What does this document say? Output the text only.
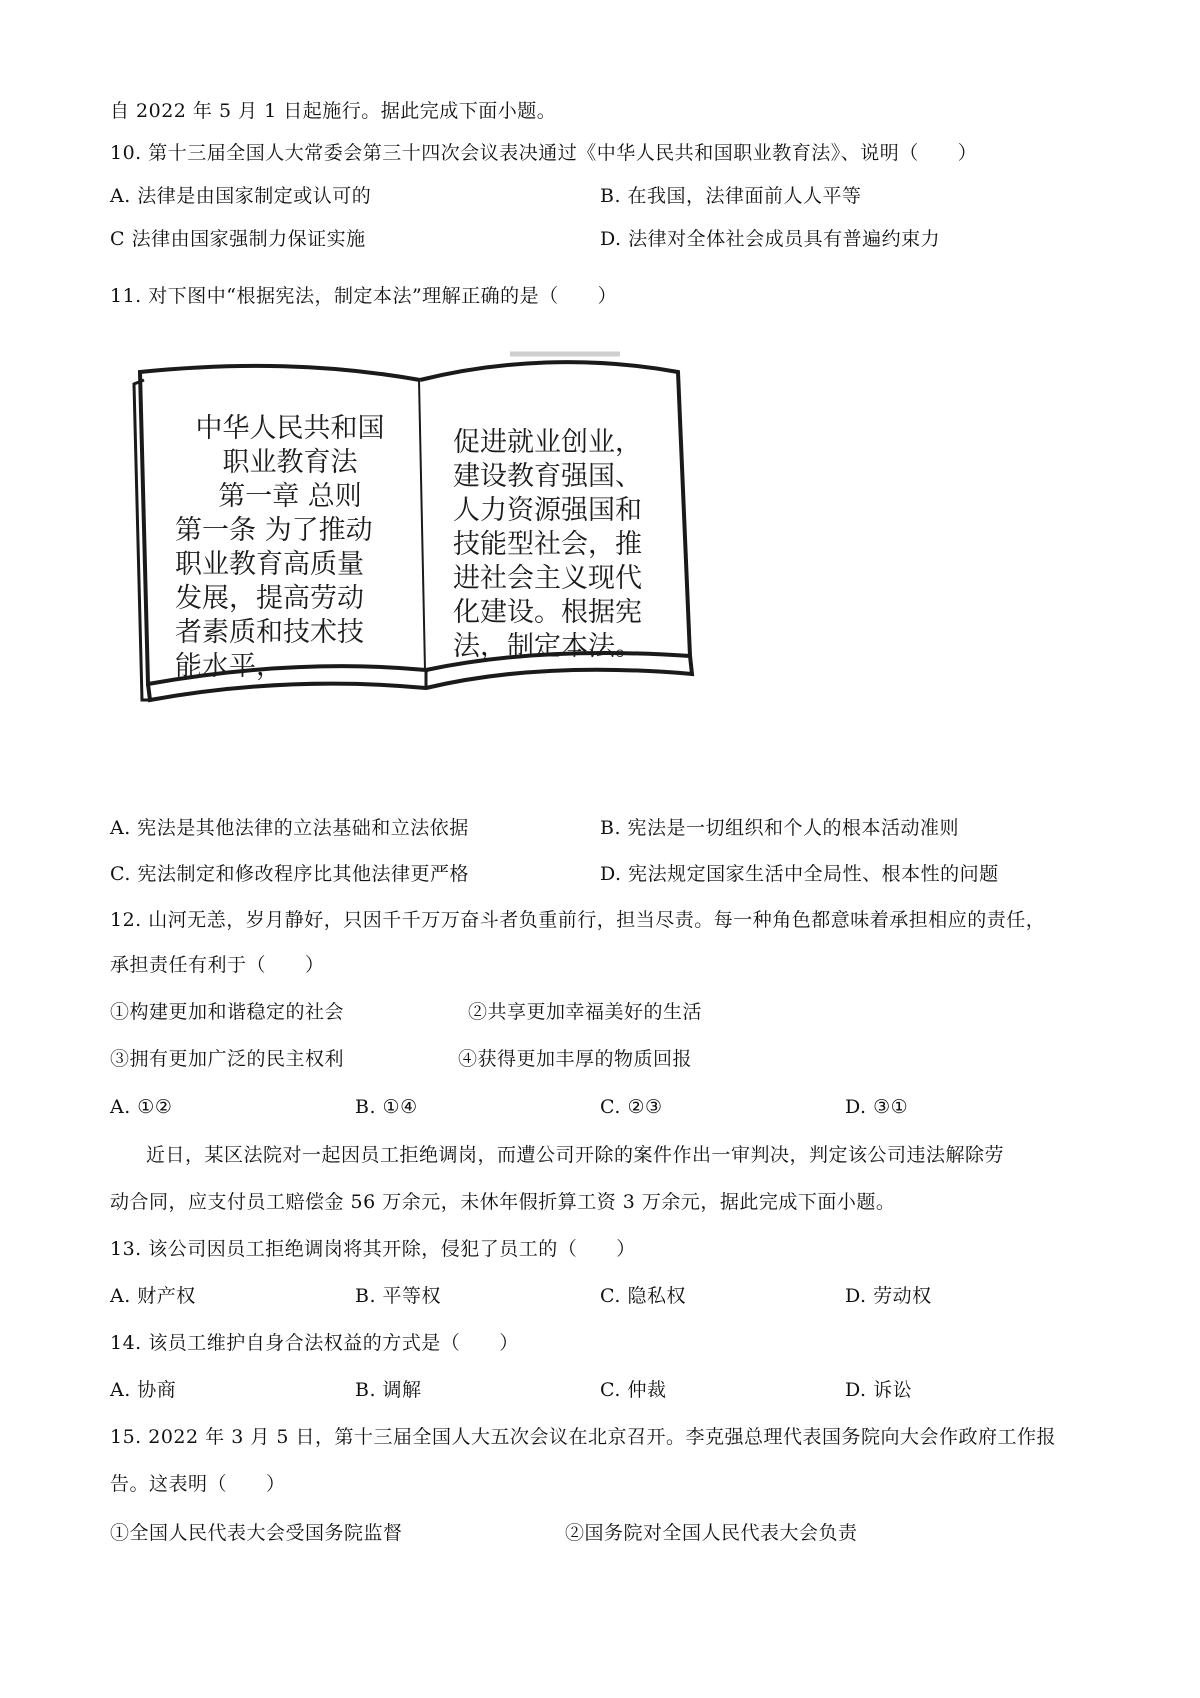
自 2022 年 5 月 1 日起施行。据此完成下面小题。
10. 第十三届全国人大常委会第三十四次会议表决通过《中华人民共和国职业教育法》、说明（　　）
A. 法律是由国家制定或认可的	B. 在我国，法律面前人人平等
C 法律由国家强制力保证实施	D. 法律对全体社会成员具有普遍约束力
11. 对下图中“根据宪法，制定本法”理解正确的是（　　）
中华人民共和国
职业教育法
第一章 总则
第一条 为了推动
职业教育高质量
发展，提高劳动
者素质和技术技
能水平，
促进就业创业，
建设教育强国、
人力资源强国和
技能型社会，推
进社会主义现代
化建设。根据宪
法，制定本法。
A. 宪法是其他法律的立法基础和立法依据	B. 宪法是一切组织和个人的根本活动准则
C. 宪法制定和修改程序比其他法律更严格	D. 宪法规定国家生活中全局性、根本性的问题
12. 山河无恙，岁月静好，只因千千万万奋斗者负重前行，担当尽责。每一种角色都意味着承担相应的责任，
承担责任有利于（　　）
①构建更加和谐稳定的社会	②共享更加幸福美好的生活
③拥有更加广泛的民主权利	④获得更加丰厚的物质回报
A. ①②	B. ①④	C. ②③	D. ③①
近日，某区法院对一起因员工拒绝调岗，而遭公司开除的案件作出一审判决，判定该公司违法解除劳
动合同，应支付员工赔偿金 56 万余元，未休年假折算工资 3 万余元，据此完成下面小题。
13. 该公司因员工拒绝调岗将其开除，侵犯了员工的（　　）
A. 财产权	B. 平等权	C. 隐私权	D. 劳动权
14. 该员工维护自身合法权益的方式是（　　）
A. 协商	B. 调解	C. 仲裁	D. 诉讼
15. 2022 年 3 月 5 日，第十三届全国人大五次会议在北京召开。李克强总理代表国务院向大会作政府工作报
告。这表明（　　）
①全国人民代表大会受国务院监督	②国务院对全国人民代表大会负责
